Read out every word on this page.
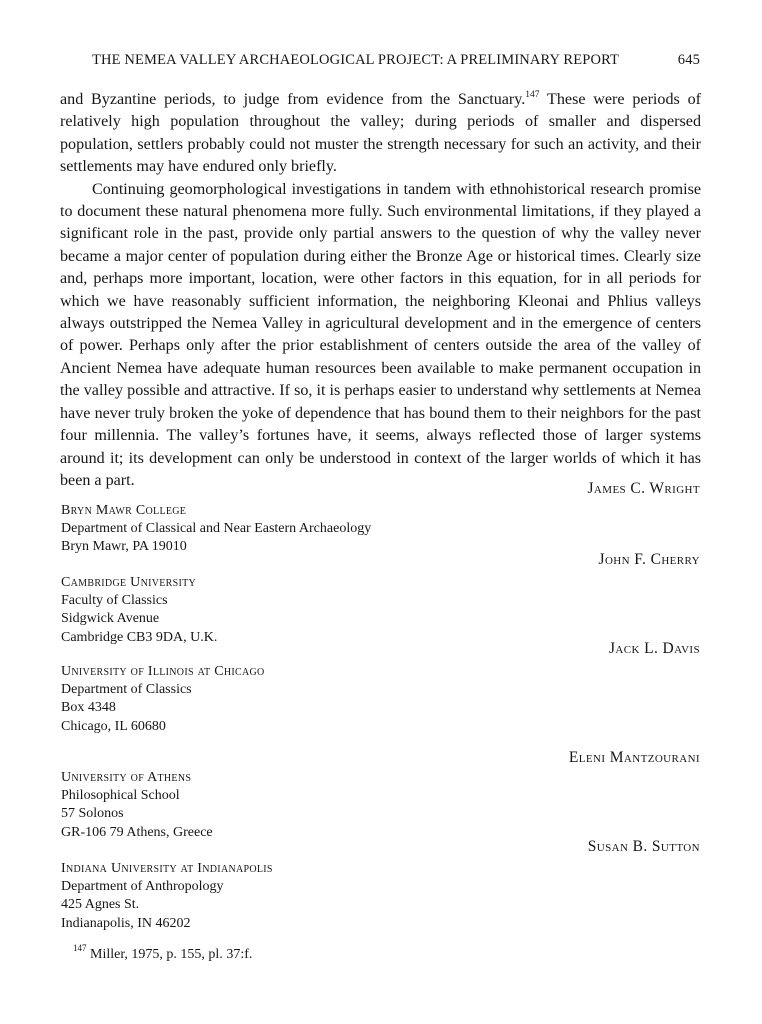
THE NEMEA VALLEY ARCHAEOLOGICAL PROJECT: A PRELIMINARY REPORT	645

and Byzantine periods, to judge from evidence from the Sanctuary.$^{147}$ These were periods of relatively high population throughout the valley; during periods of smaller and dispersed population, settlers probably could not muster the strength necessary for such an activity, and their settlements may have endured only briefly.

Continuing geomorphological investigations in tandem with ethnohistorical research promise to document these natural phenomena more fully. Such environmental limitations, if they played a significant role in the past, provide only partial answers to the question of why the valley never became a major center of population during either the Bronze Age or historical times. Clearly size and, perhaps more important, location, were other factors in this equation, for in all periods for which we have reasonably sufficient information, the neighboring Kleonai and Phlius valleys always outstripped the Nemea Valley in agricultural development and in the emergence of centers of power. Perhaps only after the prior establishment of centers outside the area of the valley of Ancient Nemea have adequate human resources been available to make permanent occupation in the valley possible and attractive. If so, it is perhaps easier to understand why settlements at Nemea have never truly broken the yoke of dependence that has bound them to their neighbors for the past four millennia. The valley’s fortunes have, it seems, always reflected those of larger systems around it; its development can only be understood in context of the larger worlds of which it has been a part.	James C. Wright
Bryn Mawr College
Department of Classical and Near Eastern Archaeology
Bryn Mawr, PA 19010
John F. Cherry
Cambridge University
Faculty of Classics
Sidgwick Avenue
Cambridge CB3 9DA, U.K.
Jack L. Davis
University of Illinois at Chicago
Department of Classics
Box 4348
Chicago, IL 60680
Eleni Mantzourani
University of Athens
Philosophical School
57 Solonos
GR-106 79 Athens, Greece
Susan B. Sutton
Indiana University at Indianapolis
Department of Anthropology
425 Agnes St.
Indianapolis, IN 46202
$^{147}$ Miller, 1975, p. 155, pl. 37:f.
